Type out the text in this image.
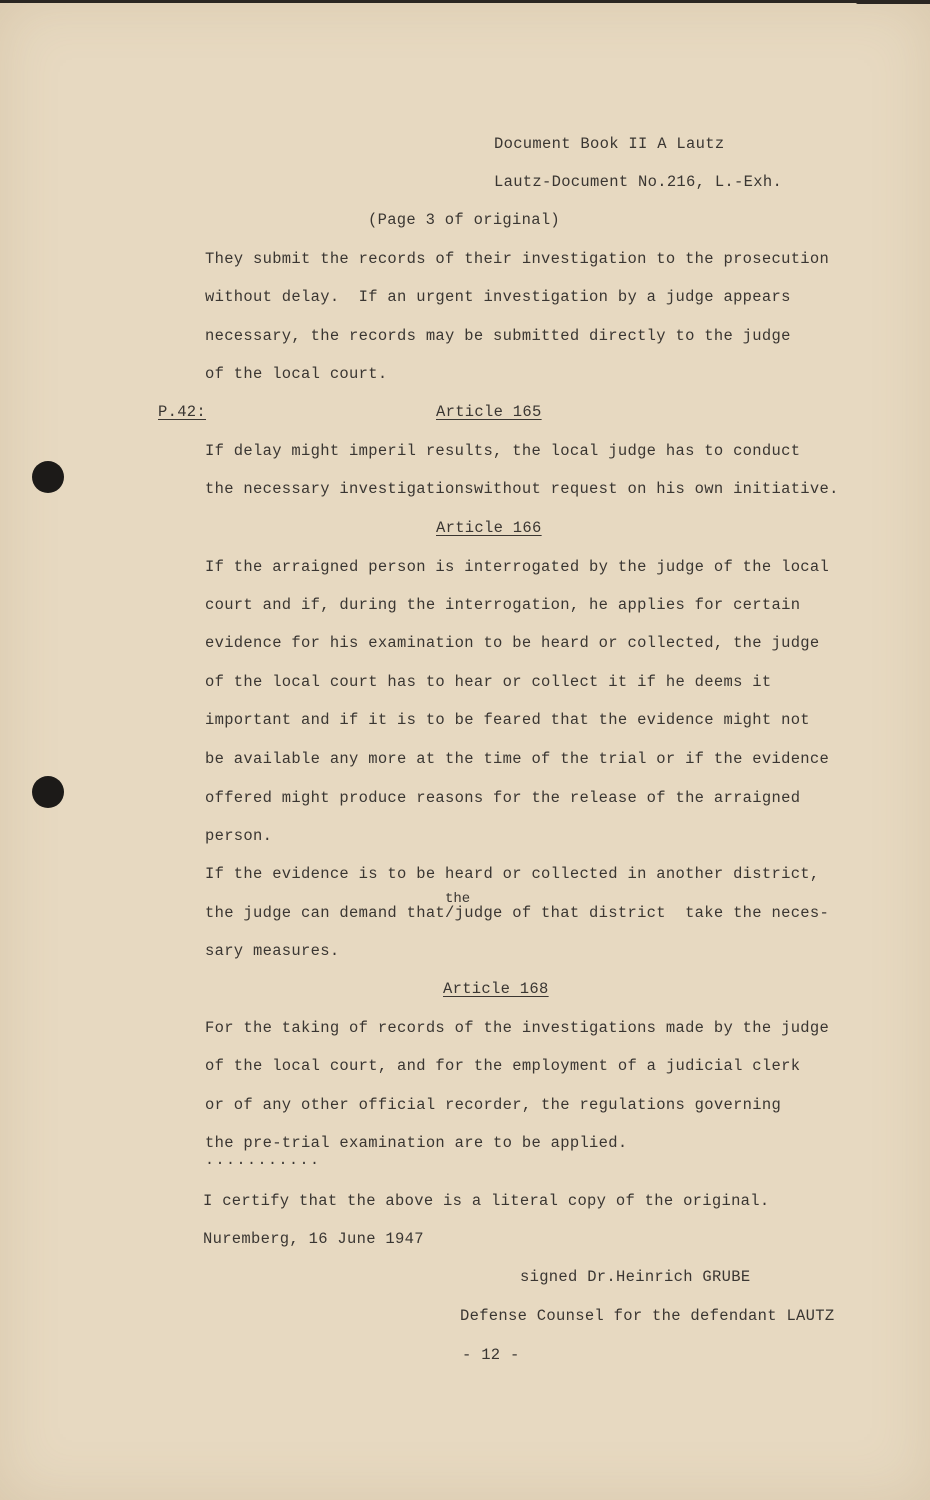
Document Book II A Lautz
Lautz-Document No.216, L.-Exh.
(Page 3 of original)
They submit the records of their investigation to the prosecution
without delay.  If an urgent investigation by a judge appears
necessary, the records may be submitted directly to the judge
of the local court.
P.42:	Article 165
If delay might imperil results, the local judge has to conduct
the necessary investigationswithout request on his own initiative.
Article 166
If the arraigned person is interrogated by the judge of the local
court and if, during the interrogation, he applies for certain
evidence for his examination to be heard or collected, the judge
of the local court has to hear or collect it if he deems it
important and if it is to be feared that the evidence might not
be available any more at the time of the trial or if the evidence
offered might produce reasons for the release of the arraigned
person.
If the evidence is to be heard or collected in another district,
the
the judge can demand that/judge of that district  take the neces-
sary measures.
Article 168
For the taking of records of the investigations made by the judge
of the local court, and for the employment of a judicial clerk
or of any other official recorder, the regulations governing
the pre-trial examination are to be applied.
...........
I certify that the above is a literal copy of the original.
Nuremberg, 16 June 1947
signed Dr.Heinrich GRUBE
Defense Counsel for the defendant LAUTZ
- 12 -
